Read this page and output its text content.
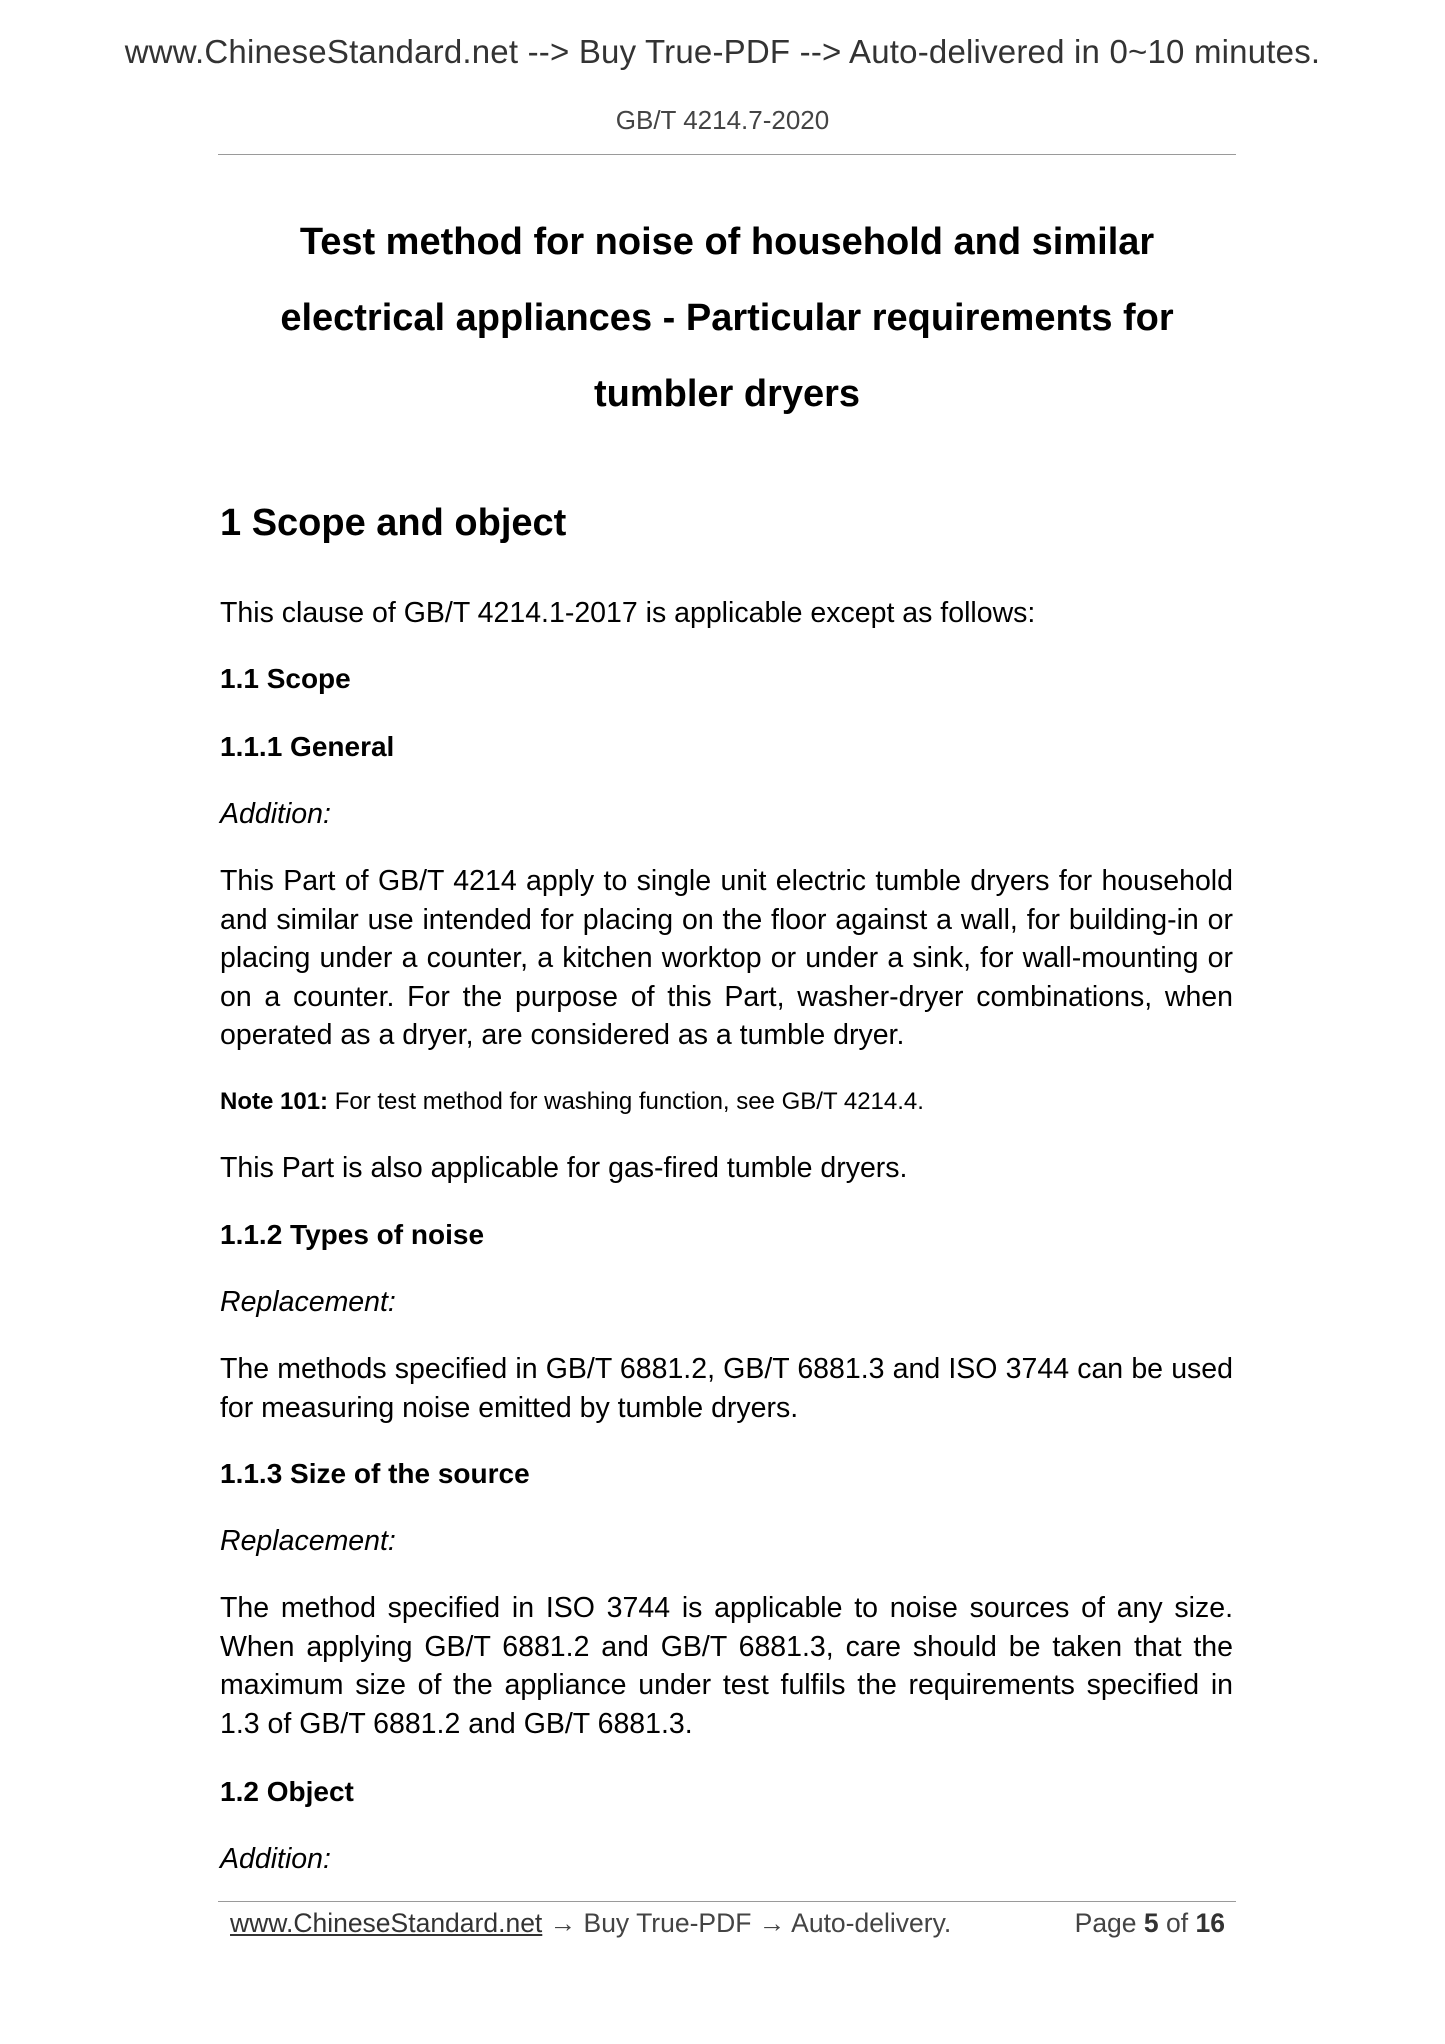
www.ChineseStandard.net --> Buy True-PDF --> Auto-delivered in 0~10 minutes.
GB/T 4214.7-2020
Test method for noise of household and similar
electrical appliances - Particular requirements for
tumbler dryers
1 Scope and object

This clause of GB/T 4214.1-2017 is applicable except as follows:

1.1 Scope
1.1.1 General

Addition:

This Part of GB/T 4214 apply to single unit electric tumble dryers for household and similar use intended for placing on the floor against a wall, for building-in or placing under a counter, a kitchen worktop or under a sink, for wall-mounting or on a counter. For the purpose of this Part, washer-dryer combinations, when operated as a dryer, are considered as a tumble dryer.

Note 101: For test method for washing function, see GB/T 4214.4.

This Part is also applicable for gas-fired tumble dryers.

1.1.2 Types of noise

Replacement:

The methods specified in GB/T 6881.2, GB/T 6881.3 and ISO 3744 can be used for measuring noise emitted by tumble dryers.

1.1.3 Size of the source

Replacement:

The method specified in ISO 3744 is applicable to noise sources of any size. When applying GB/T 6881.2 and GB/T 6881.3, care should be taken that the maximum size of the appliance under test fulfils the requirements specified in 1.3 of GB/T 6881.2 and GB/T 6881.3.

1.2 Object

Addition:

www.ChineseStandard.net → Buy True-PDF → Auto-delivery.	Page 5 of 16
